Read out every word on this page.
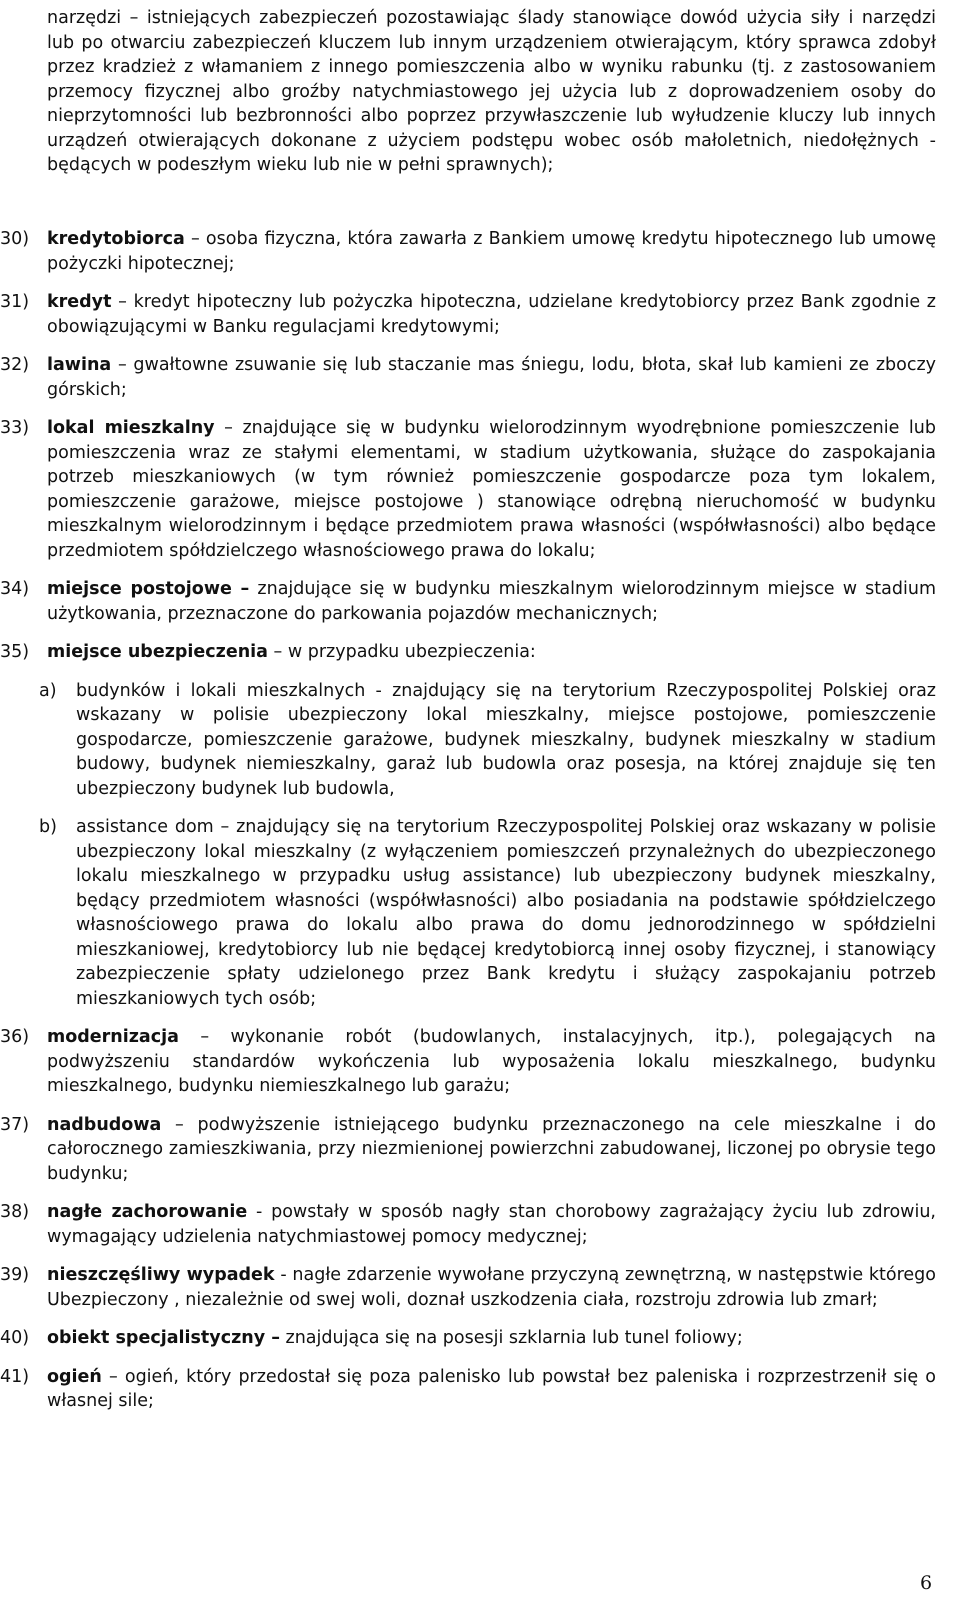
narzędzi – istniejących zabezpieczeń pozostawiając ślady stanowiące dowód użycia siły i narzędzi lub po otwarciu zabezpieczeń kluczem lub innym urządzeniem otwierającym, który sprawca zdobył przez kradzież z włamaniem z innego pomieszczenia albo w wyniku rabunku (tj. z zastosowaniem przemocy fizycznej albo groźby natychmiastowego jej użycia lub z doprowadzeniem osoby do nieprzytomności lub bezbronności albo poprzez przywłaszczenie lub wyłudzenie kluczy lub innych urządzeń otwierających dokonane z użyciem podstępu wobec osób małoletnich, niedołężnych - będących w podeszłym wieku lub nie w pełni sprawnych);

30)	kredytobiorca – osoba fizyczna, która zawarła z Bankiem umowę kredytu hipotecznego lub umowę pożyczki hipotecznej;

31)	kredyt – kredyt hipoteczny lub pożyczka hipoteczna, udzielane kredytobiorcy przez Bank zgodnie z obowiązującymi w Banku regulacjami kredytowymi;

32)	lawina – gwałtowne zsuwanie się lub staczanie mas śniegu, lodu, błota, skał lub kamieni ze zboczy górskich;

33)	lokal mieszkalny – znajdujące się w budynku wielorodzinnym wyodrębnione pomieszczenie lub pomieszczenia wraz ze stałymi elementami, w stadium użytkowania, służące do zaspokajania potrzeb mieszkaniowych (w tym również pomieszczenie gospodarcze poza tym lokalem, pomieszczenie garażowe, miejsce postojowe ) stanowiące odrębną nieruchomość w budynku mieszkalnym wielorodzinnym i będące przedmiotem prawa własności (współwłasności) albo będące przedmiotem spółdzielczego własnościowego prawa do lokalu;

34)	miejsce postojowe – znajdujące się w budynku mieszkalnym wielorodzinnym miejsce w stadium użytkowania, przeznaczone do parkowania pojazdów mechanicznych;

35)	miejsce ubezpieczenia – w przypadku ubezpieczenia:

a) budynków i lokali mieszkalnych - znajdujący się na terytorium Rzeczypospolitej Polskiej oraz wskazany w polisie ubezpieczony lokal mieszkalny, miejsce postojowe, pomieszczenie gospodarcze, pomieszczenie garażowe, budynek mieszkalny, budynek mieszkalny w stadium budowy, budynek niemieszkalny, garaż lub budowla oraz posesja, na której znajduje się ten ubezpieczony budynek lub budowla,

b) assistance dom – znajdujący się na terytorium Rzeczypospolitej Polskiej oraz wskazany w polisie ubezpieczony lokal mieszkalny (z wyłączeniem pomieszczeń przynależnych do ubezpieczonego lokalu mieszkalnego w przypadku usług assistance) lub ubezpieczony budynek mieszkalny, będący przedmiotem własności (współwłasności) albo posiadania na podstawie spółdzielczego własnościowego prawa do lokalu albo prawa do domu jednorodzinnego w spółdzielni mieszkaniowej, kredytobiorcy lub nie będącej kredytobiorcą innej osoby fizycznej, i stanowiący zabezpieczenie spłaty udzielonego przez Bank kredytu i służący zaspokajaniu potrzeb mieszkaniowych tych osób;

36)	modernizacja – wykonanie robót (budowlanych, instalacyjnych, itp.), polegających na podwyższeniu standardów wykończenia lub wyposażenia lokalu mieszkalnego, budynku mieszkalnego, budynku niemieszkalnego lub garażu;

37)	nadbudowa – podwyższenie istniejącego budynku przeznaczonego na cele mieszkalne i do całorocznego zamieszkiwania, przy niezmienionej powierzchni zabudowanej, liczonej po obrysie tego budynku;

38)	nagłe zachorowanie - powstały w sposób nagły stan chorobowy zagrażający życiu lub zdrowiu, wymagający udzielenia natychmiastowej pomocy medycznej;

39)	nieszczęśliwy wypadek - nagłe zdarzenie wywołane przyczyną zewnętrzną, w następstwie którego Ubezpieczony , niezależnie od swej woli, doznał uszkodzenia ciała, rozstroju zdrowia lub zmarł;

40)	obiekt specjalistyczny – znajdująca się na posesji szklarnia lub tunel foliowy;

41)	ogień – ogień, który przedostał się poza palenisko lub powstał bez paleniska i rozprzestrzenił się o własnej sile;

6
